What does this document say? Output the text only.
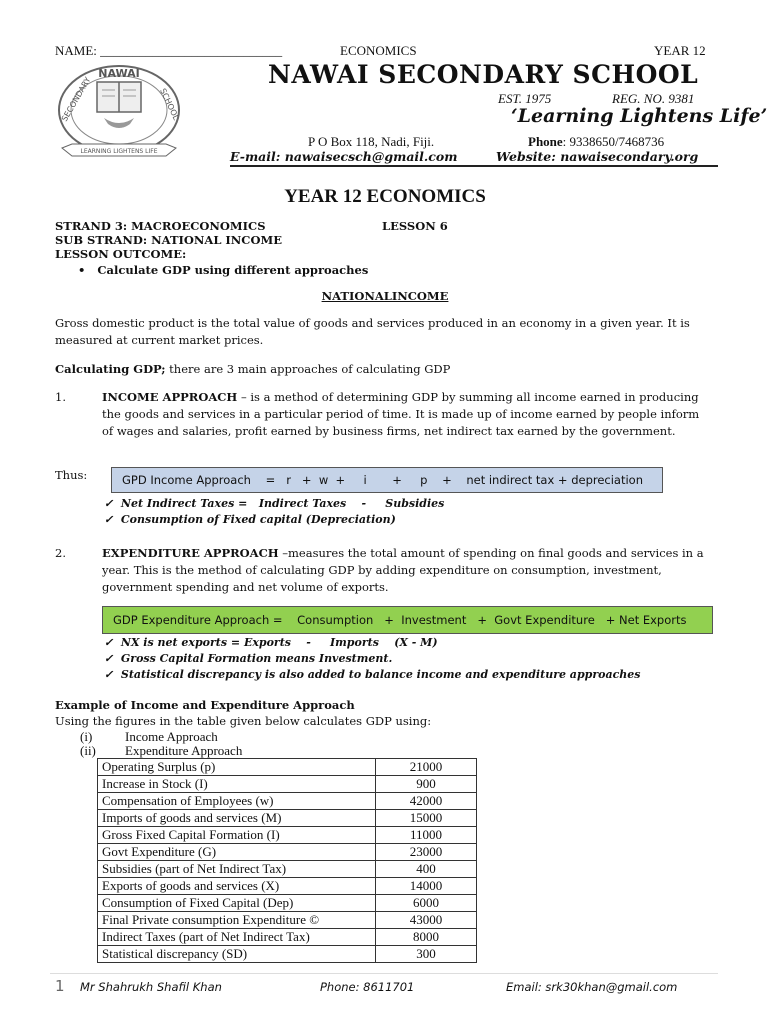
NAME: ____________________________	ECONOMICS	YEAR 12
NAWAI
SECONDARY	SCHOOL
LEARNING LIGHTENS LIFE
NAWAI SECONDARY SCHOOL
EST. 1975	REG. NO. 9381
‘Learning Lightens Life’
P O Box 118, Nadi, Fiji.	Phone: 9338650/7468736
E-mail: nawaisecsch@gmail.com	Website: nawaisecondary.org
YEAR 12 ECONOMICS
STRAND 3: MACROECONOMICS	LESSON 6
SUB STRAND: NATIONAL INCOME
LESSON OUTCOME:
•   Calculate GDP using different approaches
NATIONALINCOME
Gross domestic product is the total value of goods and services produced in an economy in a given year. It is measured at current market prices.
Calculating GDP; there are 3 main approaches of calculating GDP
1.	INCOME APPROACH – is a method of determining GDP by summing all income earned in producing the goods and services in a particular period of time. It is made up of income earned by people inform of wages and salaries, profit earned by business firms, net indirect tax earned by the government.
Thus:	GPD Income Approach    =   r   +  w  +     i       +     p    +    net indirect tax + depreciation
✓  Net Indirect Taxes =   Indirect Taxes    -     Subsidies
✓  Consumption of Fixed capital (Depreciation)
2.	EXPENDITURE APPROACH –measures the total amount of spending on final goods and services in a year. This is the method of calculating GDP by adding expenditure on consumption, investment, government spending and net volume of exports.
GDP Expenditure Approach =    Consumption   +  Investment   +  Govt Expenditure   + Net Exports
✓  NX is net exports = Exports    -     Imports    (X - M)
✓  Gross Capital Formation means Investment.
✓  Statistical discrepancy is also added to balance income and expenditure approaches
Example of Income and Expenditure Approach
Using the figures in the table given below calculates GDP using:
(i)	Income Approach
(ii) Expenditure Approach
Operating Surplus (p)	21000
Increase in Stock (I)	900
Compensation of Employees (w)	42000
Imports of goods and services (M)	15000
Gross Fixed Capital Formation (I)	11000
Govt Expenditure (G)	23000
Subsidies (part of Net Indirect Tax)	400
Exports of goods and services (X)	14000
Consumption of Fixed Capital (Dep)	6000
Final Private consumption Expenditure ©	43000
Indirect Taxes (part of Net Indirect Tax)	8000
Statistical discrepancy (SD)	300
1 Mr Shahrukh Shafil Khan	Phone: 8611701	Email: srk30khan@gmail.com
